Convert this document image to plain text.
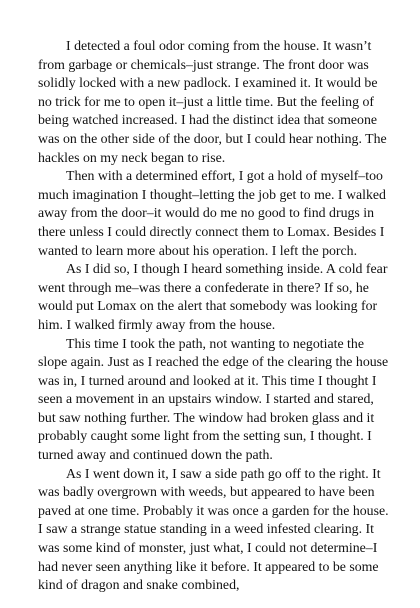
I detected a foul odor coming from the house. It wasn’t from garbage or chemicals–just strange. The front door was solidly locked with a new padlock. I examined it. It would be no trick for me to open it–just a little time. But the feeling of being watched increased. I had the distinct idea that someone was on the other side of the door, but I could hear nothing. The hackles on my neck began to rise.

Then with a determined effort, I got a hold of myself–too much imagination I thought–letting the job get to me. I walked away from the door–it would do me no good to find drugs in there unless I could directly connect them to Lomax. Besides I wanted to learn more about his operation. I left the porch.

As I did so, I though I heard something inside. A cold fear went through me–was there a confederate in there? If so, he would put Lomax on the alert that somebody was looking for him. I walked firmly away from the house.

This time I took the path, not wanting to negotiate the slope again. Just as I reached the edge of the clearing the house was in, I turned around and looked at it. This time I thought I seen a movement in an upstairs window. I started and stared, but saw nothing further. The window had broken glass and it probably caught some light from the setting sun, I thought. I turned away and continued down the path.

As I went down it, I saw a side path go off to the right. It was badly overgrown with weeds, but appeared to have been paved at one time. Probably it was once a garden for the house. I saw a strange statue standing in a weed infested clearing. It was some kind of monster, just what, I could not determine–I had never seen anything like it before. It appeared to be some kind of dragon and snake combined,
